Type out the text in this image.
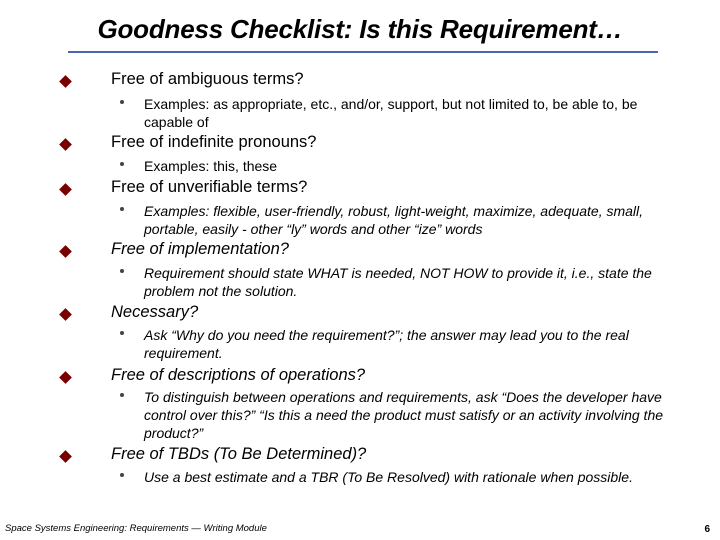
Goodness Checklist: Is this Requirement…
Free of ambiguous terms?
Examples: as appropriate, etc., and/or, support, but not limited to, be able to, be capable of
Free of indefinite pronouns?
Examples: this, these
Free of unverifiable terms?
Examples: flexible, user-friendly, robust, light-weight, maximize, adequate, small, portable, easily - other “ly” words and other “ize” words
Free of implementation?
Requirement should state WHAT is needed, NOT HOW to provide it, i.e., state the problem not the solution.
Necessary?
Ask “Why do you need the requirement?”; the answer may lead you to the real requirement.
Free of descriptions of operations?
To distinguish between operations and requirements, ask “Does the developer have control over this?” “Is this a need the product must satisfy or an activity involving the product?”
Free of TBDs (To Be Determined)?
Use a best estimate and a TBR (To Be Resolved) with rationale when possible.
Space Systems Engineering: Requirements — Writing Module	6
